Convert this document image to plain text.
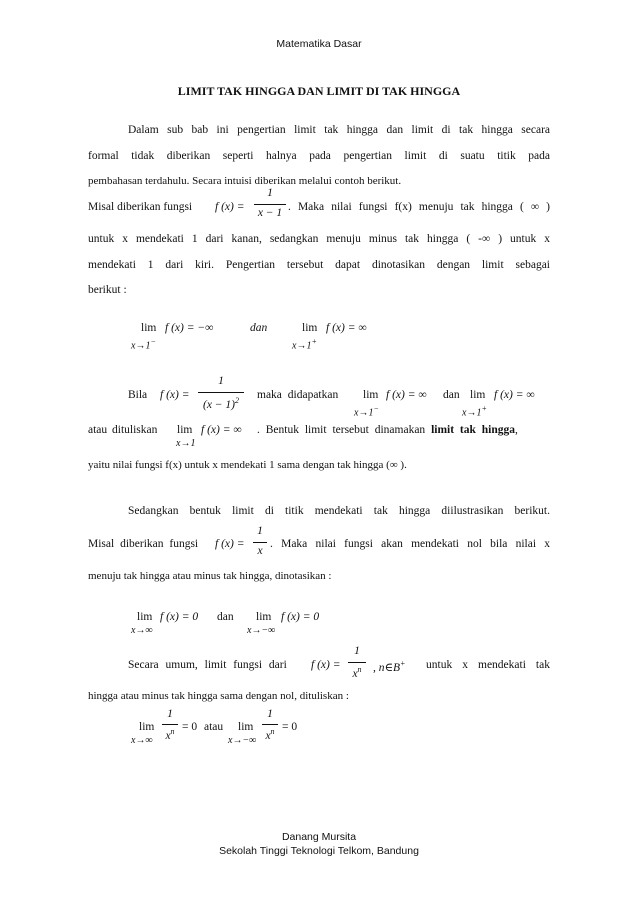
Matematika Dasar
LIMIT TAK HINGGA DAN LIMIT DI TAK HINGGA
Dalam sub bab ini pengertian limit tak hingga dan limit di tak hingga secara
formal tidak diberikan seperti halnya pada pengertian limit di suatu titik pada
pembahasan terdahulu. Secara intuisi diberikan melalui contoh berikut.
Misal diberikan fungsi f (x) =
1
x − 1 . Maka nilai fungsi f(x) menuju tak hingga ( ∞ )
untuk x mendekati 1 dari kanan, sedangkan menuju minus tak hingga ( -∞ ) untuk x
mendekati 1 dari kiri. Pengertian tersebut dapat dinotasikan dengan limit sebagai
berikut :
lim f (x) = −∞
x→1−
dan	lim f (x) = ∞
x→1+
Bila f (x) =
1
$(x - 1)^2$	maka didapatkan lim f (x) = ∞
x→1−
dan lim f (x) = ∞
x→1+
atau dituliskan lim f (x) = ∞
x→1
. Bentuk limit tersebut dinamakan limit tak hingga,
yaitu nilai fungsi f(x) untuk x mendekati 1 sama dengan tak hingga (∞ ).
Sedangkan bentuk limit di titik mendekati tak hingga diilustrasikan berikut.
Misal diberikan fungsi f (x) =
1
x
. Maka nilai fungsi akan mendekati nol bila nilai x
menuju tak hingga atau minus tak hingga, dinotasikan :
lim f (x) = 0
x→∞
dan lim f (x) = 0
x→−∞
Secara umum, limit fungsi dari f (x) =
1
$x^n$ , n∈B+ untuk x mendekati tak
hingga atau minus tak hingga sama dengan nol, dituliskan :
lim
1
$x^n = 0$
x→∞
atau lim
1
$x^n = 0$
x→−∞
Danang Mursita
Sekolah Tinggi Teknologi Telkom, Bandung
